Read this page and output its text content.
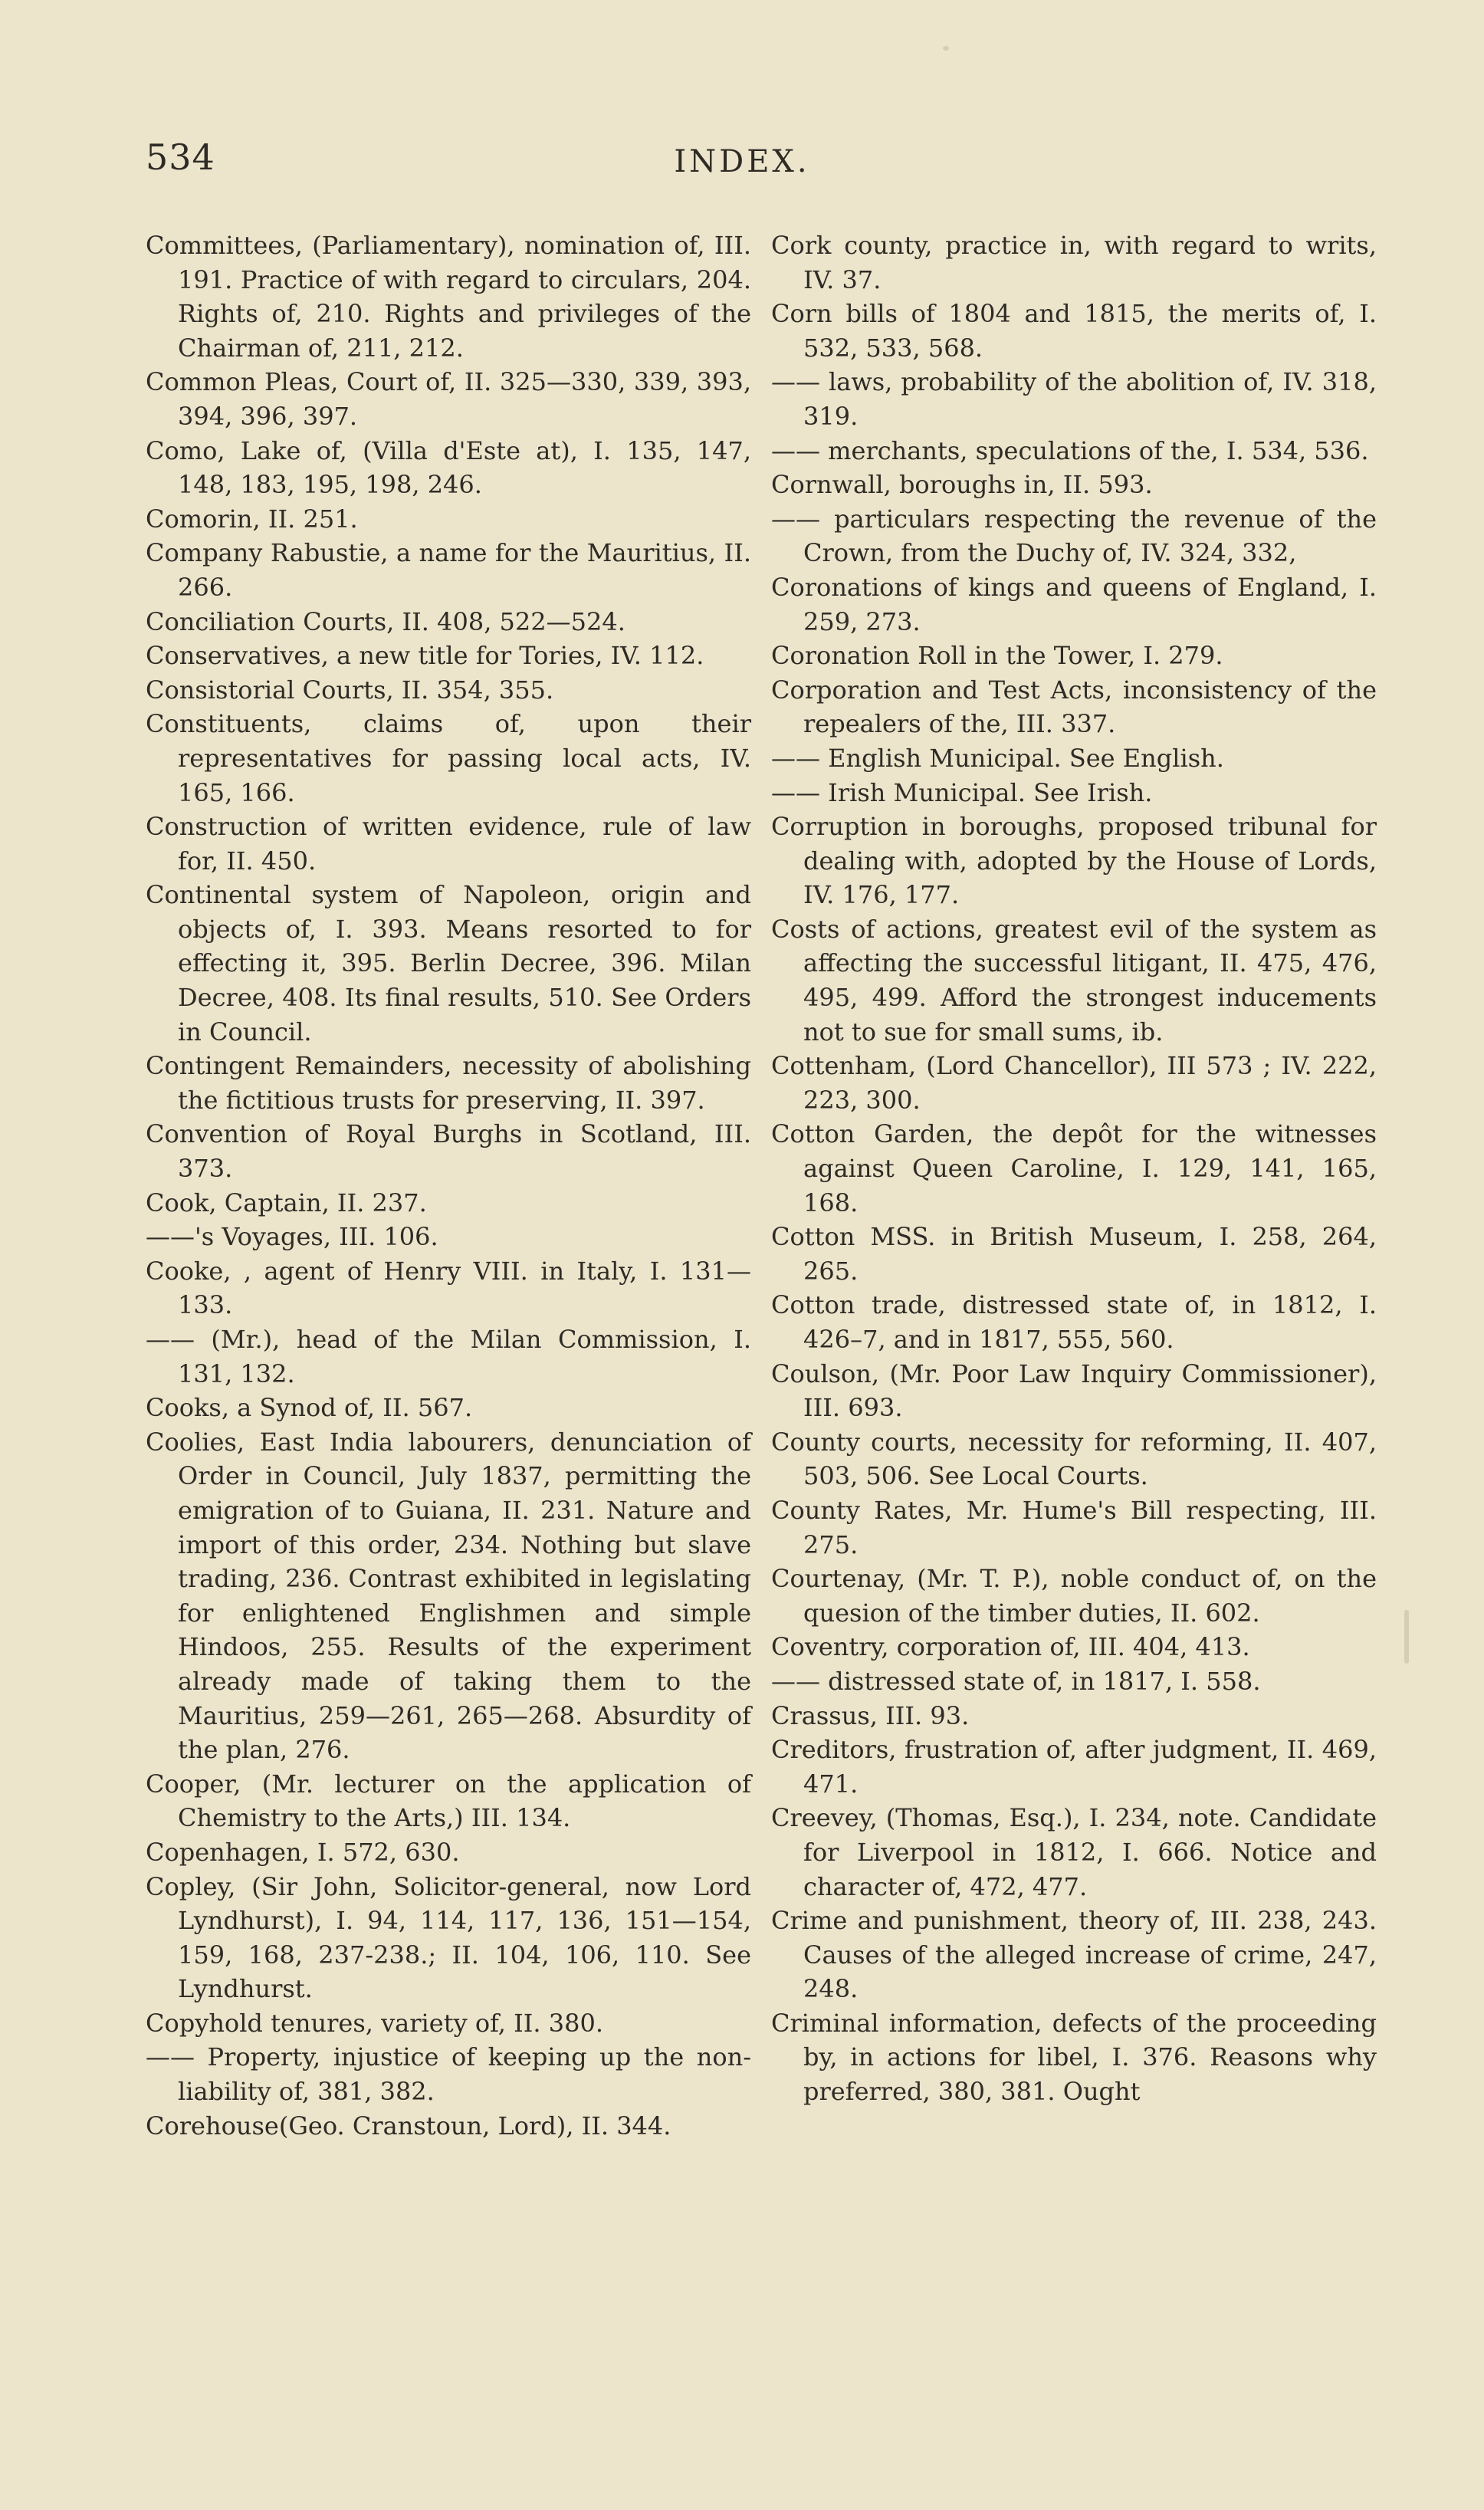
534	INDEX.

Committees, (Parliamentary), nomination of, III. 191. Practice of with regard to circulars, 204. Rights of, 210. Rights and privileges of the Chairman of, 211, 212.

Common Pleas, Court of, II. 325—330, 339, 393, 394, 396, 397.

Como, Lake of, (Villa d'Este at), I. 135, 147, 148, 183, 195, 198, 246.

Comorin, II. 251.

Company Rabustie, a name for the Mauritius, II. 266.

Conciliation Courts, II. 408, 522—524.

Conservatives, a new title for Tories, IV. 112.

Consistorial Courts, II. 354, 355.

Constituents, claims of, upon their representatives for passing local acts, IV. 165, 166.

Construction of written evidence, rule of law for, II. 450.

Continental system of Napoleon, origin and objects of, I. 393. Means resorted to for effecting it, 395. Berlin Decree, 396. Milan Decree, 408. Its final results, 510. See Orders in Council.

Contingent Remainders, necessity of abolishing the fictitious trusts for preserving, II. 397.

Convention of Royal Burghs in Scotland, III. 373.

Cook, Captain, II. 237.

——'s Voyages, III. 106.

Cooke, , agent of Henry VIII. in Italy, I. 131—133.

—— (Mr.), head of the Milan Commission, I. 131, 132.

Cooks, a Synod of, II. 567.

Coolies, East India labourers, denunciation of Order in Council, July 1837, permitting the emigration of to Guiana, II. 231. Nature and import of this order, 234. Nothing but slave trading, 236. Contrast exhibited in legislating for enlightened Englishmen and simple Hindoos, 255. Results of the experiment already made of taking them to the Mauritius, 259—261, 265—268. Absurdity of the plan, 276.

Cooper, (Mr. lecturer on the application of Chemistry to the Arts,) III. 134.

Copenhagen, I. 572, 630.

Copley, (Sir John, Solicitor-general, now Lord Lyndhurst), I. 94, 114, 117, 136, 151—154, 159, 168, 237-238.; II. 104, 106, 110. See Lyndhurst.

Copyhold tenures, variety of, II. 380.

—— Property, injustice of keeping up the non-liability of, 381, 382.

Corehouse(Geo. Cranstoun, Lord), II. 344.

Cork county, practice in, with regard to writs, IV. 37.

Corn bills of 1804 and 1815, the merits of, I. 532, 533, 568.

—— laws, probability of the abolition of, IV. 318, 319.

—— merchants, speculations of the, I. 534, 536.

Cornwall, boroughs in, II. 593.

—— particulars respecting the revenue of the Crown, from the Duchy of, IV. 324, 332,

Coronations of kings and queens of England, I. 259, 273.

Coronation Roll in the Tower, I. 279.

Corporation and Test Acts, inconsistency of the repealers of the, III. 337.

—— English Municipal. See English.

—— Irish Municipal. See Irish.

Corruption in boroughs, proposed tribunal for dealing with, adopted by the House of Lords, IV. 176, 177.

Costs of actions, greatest evil of the system as affecting the successful litigant, II. 475, 476, 495, 499. Afford the strongest inducements not to sue for small sums, ib.

Cottenham, (Lord Chancellor), III 573 ; IV. 222, 223, 300.

Cotton Garden, the depôt for the witnesses against Queen Caroline, I. 129, 141, 165, 168.

Cotton MSS. in British Museum, I. 258, 264, 265.

Cotton trade, distressed state of, in 1812, I. 426–7, and in 1817, 555, 560.

Coulson, (Mr. Poor Law Inquiry Commissioner), III. 693.

County courts, necessity for reforming, II. 407, 503, 506. See Local Courts.

County Rates, Mr. Hume's Bill respecting, III. 275.

Courtenay, (Mr. T. P.), noble conduct of, on the quesion of the timber duties, II. 602.

Coventry, corporation of, III. 404, 413.

—— distressed state of, in 1817, I. 558.

Crassus, III. 93.

Creditors, frustration of, after judgment, II. 469, 471.

Creevey, (Thomas, Esq.), I. 234, note. Candidate for Liverpool in 1812, I. 666. Notice and character of, 472, 477.

Crime and punishment, theory of, III. 238, 243. Causes of the alleged increase of crime, 247, 248.

Criminal information, defects of the proceeding by, in actions for libel, I. 376. Reasons why preferred, 380, 381. Ought
